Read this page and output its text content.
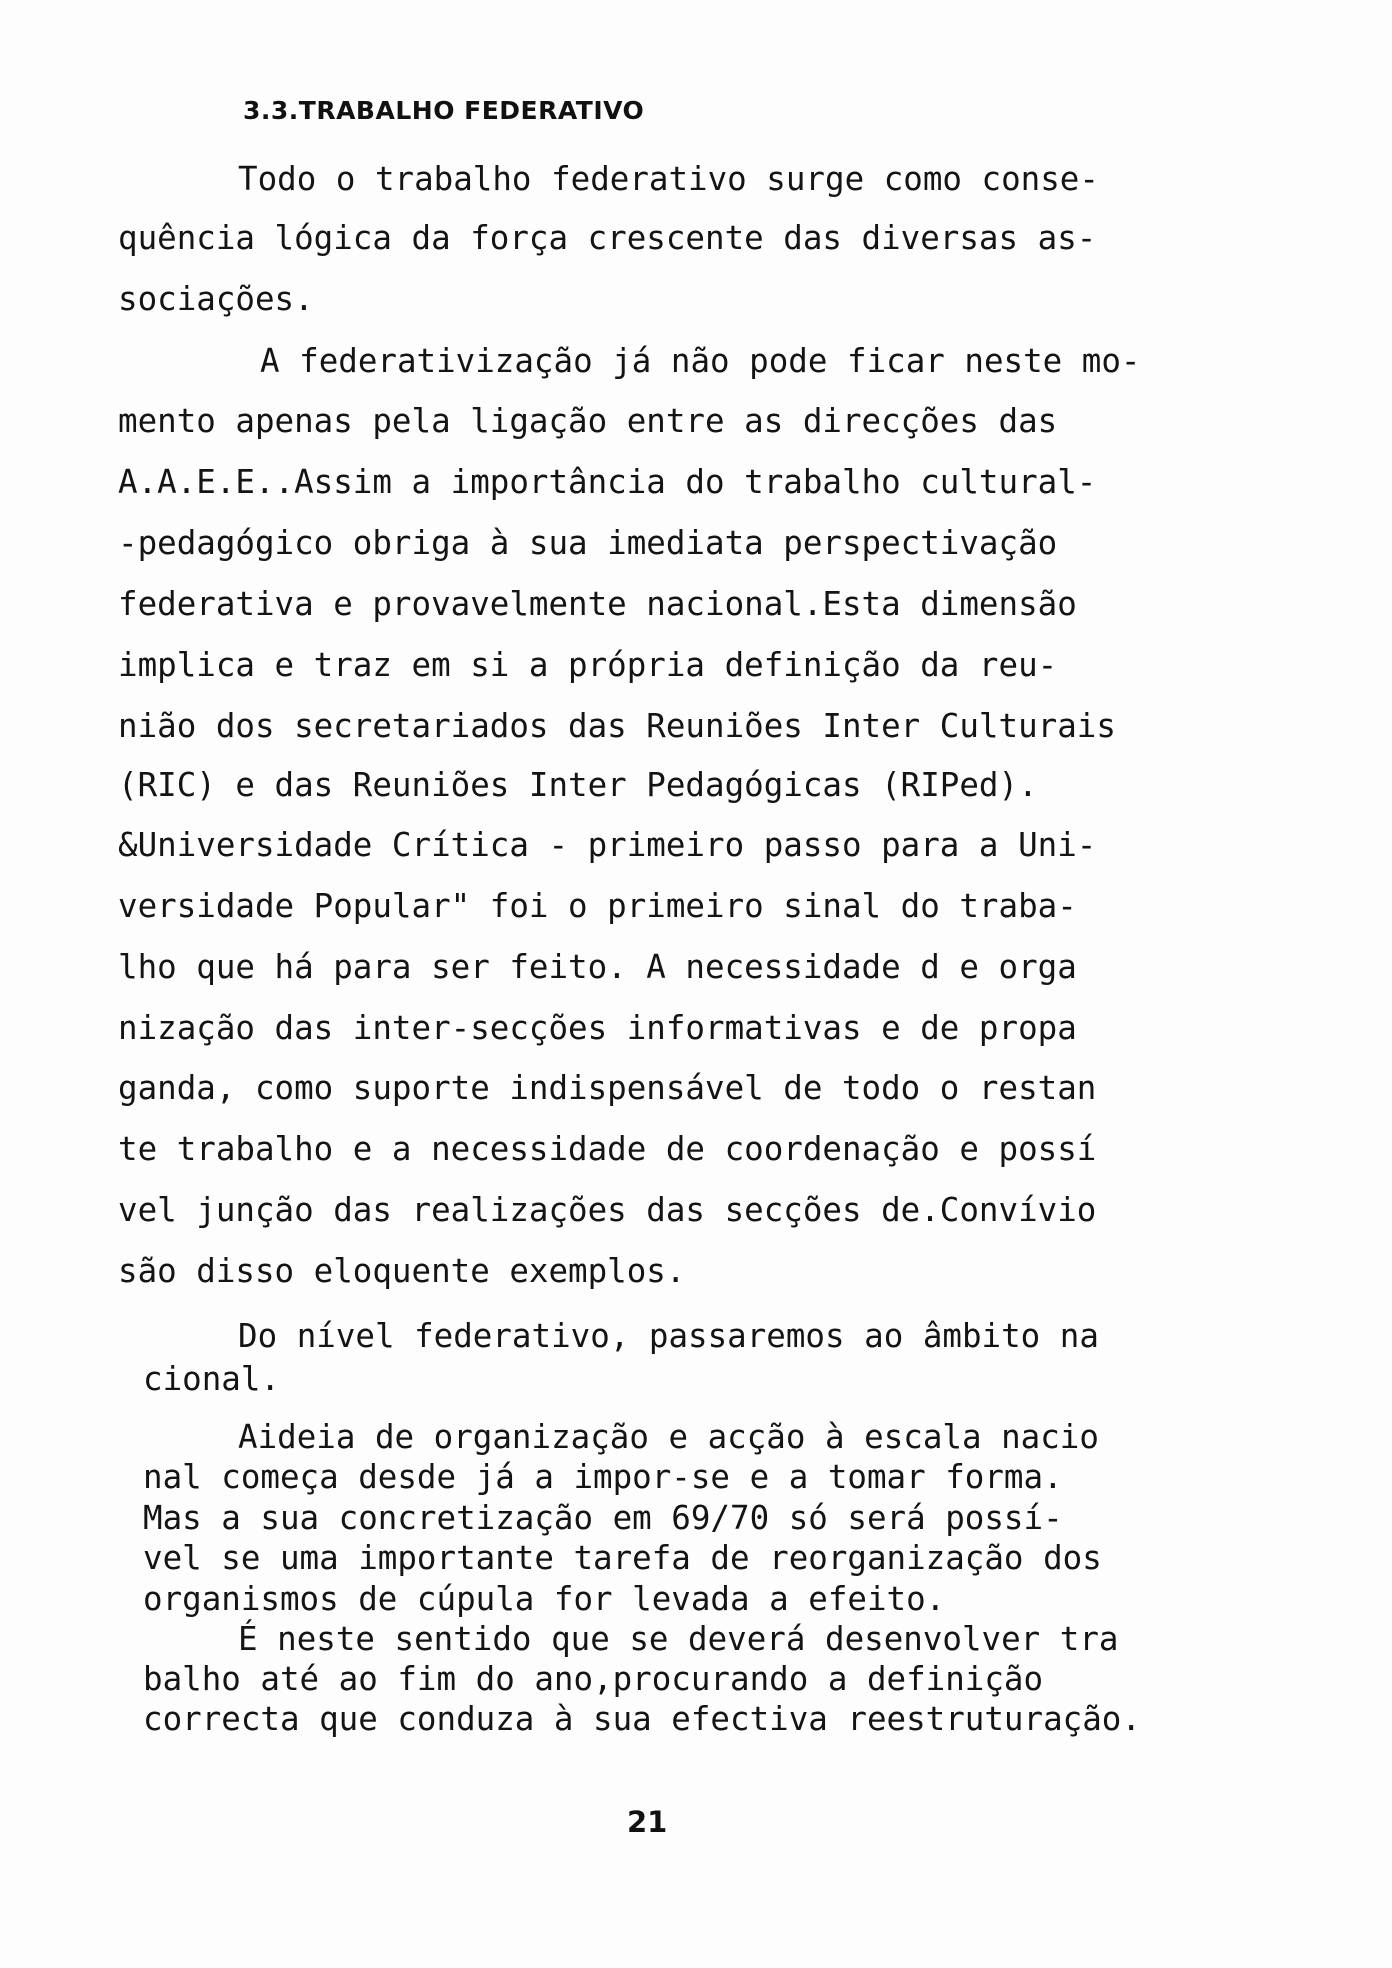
3.3.TRABALHO FEDERATIVO
Todo o trabalho federativo surge como conse-
quência lógica da força crescente das diversas as-
sociações.
A federativização já não pode ficar neste mo-
mento apenas pela ligação entre as direcções das
A.A.E.E..Assim a importância do trabalho cultural-
-pedagógico obriga à sua imediata perspectivação
federativa e provavelmente nacional.Esta dimensão
implica e traz em si a própria definição da reu-
nião dos secretariados das Reuniões Inter Culturais
(RIC) e das Reuniões Inter Pedagógicas (RIPed).
&Universidade Crítica - primeiro passo para a Uni-
versidade Popular" foi o primeiro sinal do traba-
lho que há para ser feito. A necessidade d e orga
nização das inter-secções informativas e de propa
ganda, como suporte indispensável de todo o restan
te trabalho e a necessidade de coordenação e possí
vel junção das realizações das secções de.Convívio
são disso eloquente exemplos.
Do nível federativo, passaremos ao âmbito na
cional.
Aideia de organização e acção à escala nacio
nal começa desde já a impor-se e a tomar forma.
Mas a sua concretização em 69/70 só será possí-
vel se uma importante tarefa de reorganização dos
organismos de cúpula for levada a efeito.
É neste sentido que se deverá desenvolver tra
balho até ao fim do ano,procurando a definição
correcta que conduza à sua efectiva reestruturação.
21
